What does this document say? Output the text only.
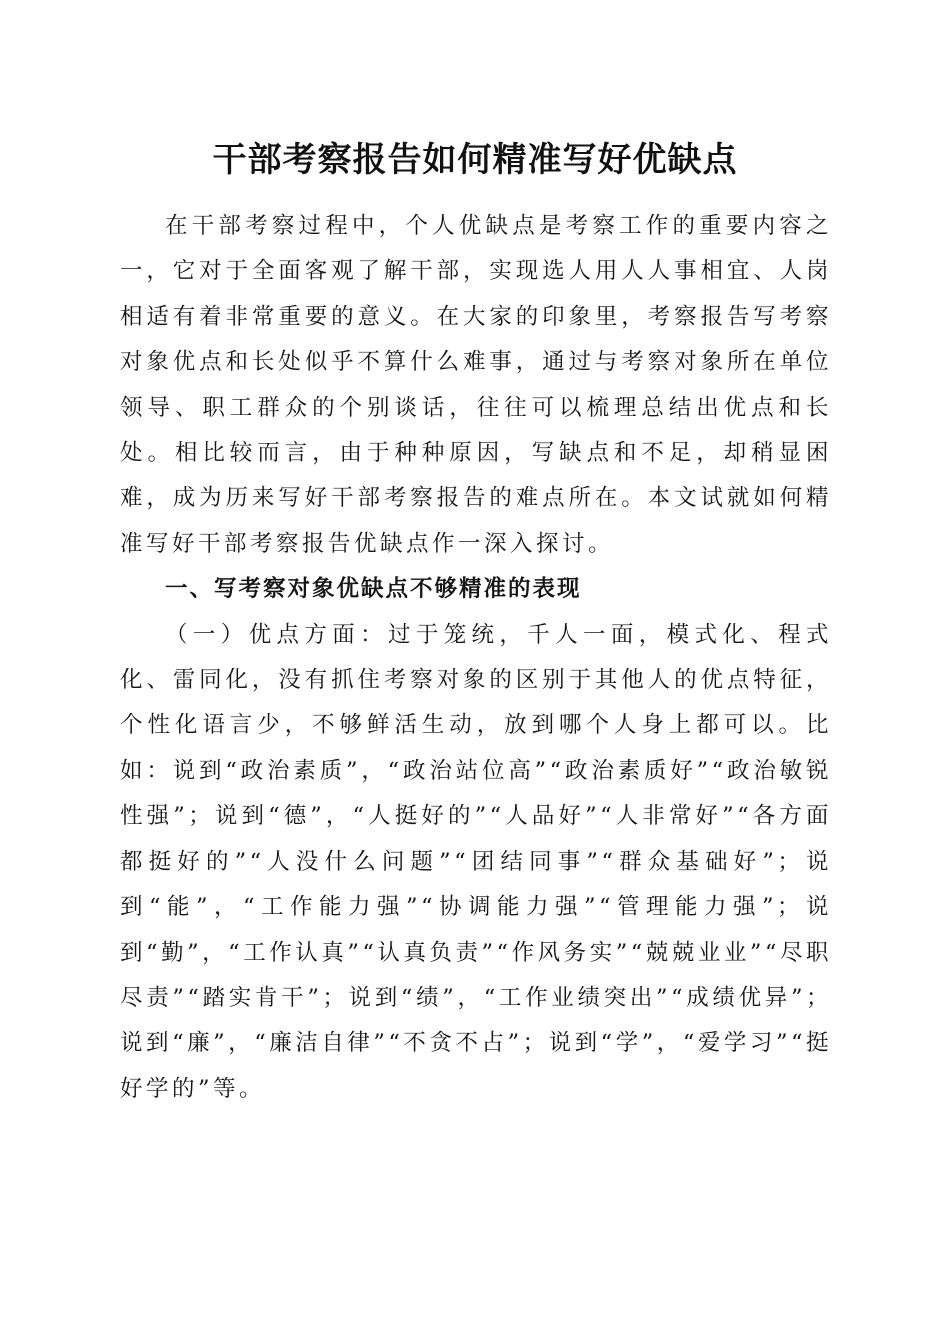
干部考察报告如何精准写好优缺点

在干部考察过程中，个人优缺点是考察工作的重要内容之一，它对于全面客观了解干部，实现选人用人人事相宜、人岗相适有着非常重要的意义。在大家的印象里，考察报告写考察对象优点和长处似乎不算什么难事，通过与考察对象所在单位领导、职工群众的个别谈话，往往可以梳理总结出优点和长处。相比较而言，由于种种原因，写缺点和不足，却稍显困难，成为历来写好干部考察报告的难点所在。本文试就如何精准写好干部考察报告优缺点作一深入探讨。

一、写考察对象优缺点不够精准的表现

（一）优点方面：过于笼统，千人一面，模式化、程式化、雷同化，没有抓住考察对象的区别于其他人的优点特征，个性化语言少，不够鲜活生动，放到哪个人身上都可以。比如：说到“政治素质”，“政治站位高”“政治素质好”“政治敏锐性强”；说到“德”，“人挺好的”“人品好”“人非常好”“各方面都挺好的”“人没什么问题”“团结同事”“群众基础好”；说到“能”，“工作能力强”“协调能力强”“管理能力强”；说到“勤”，“工作认真”“认真负责”“作风务实”“兢兢业业”“尽职尽责”“踏实肯干”；说到“绩”，“工作业绩突出”“成绩优异”；说到“廉”，“廉洁自律”“不贪不占”；说到“学”，“爱学习”“挺好学的”等。
